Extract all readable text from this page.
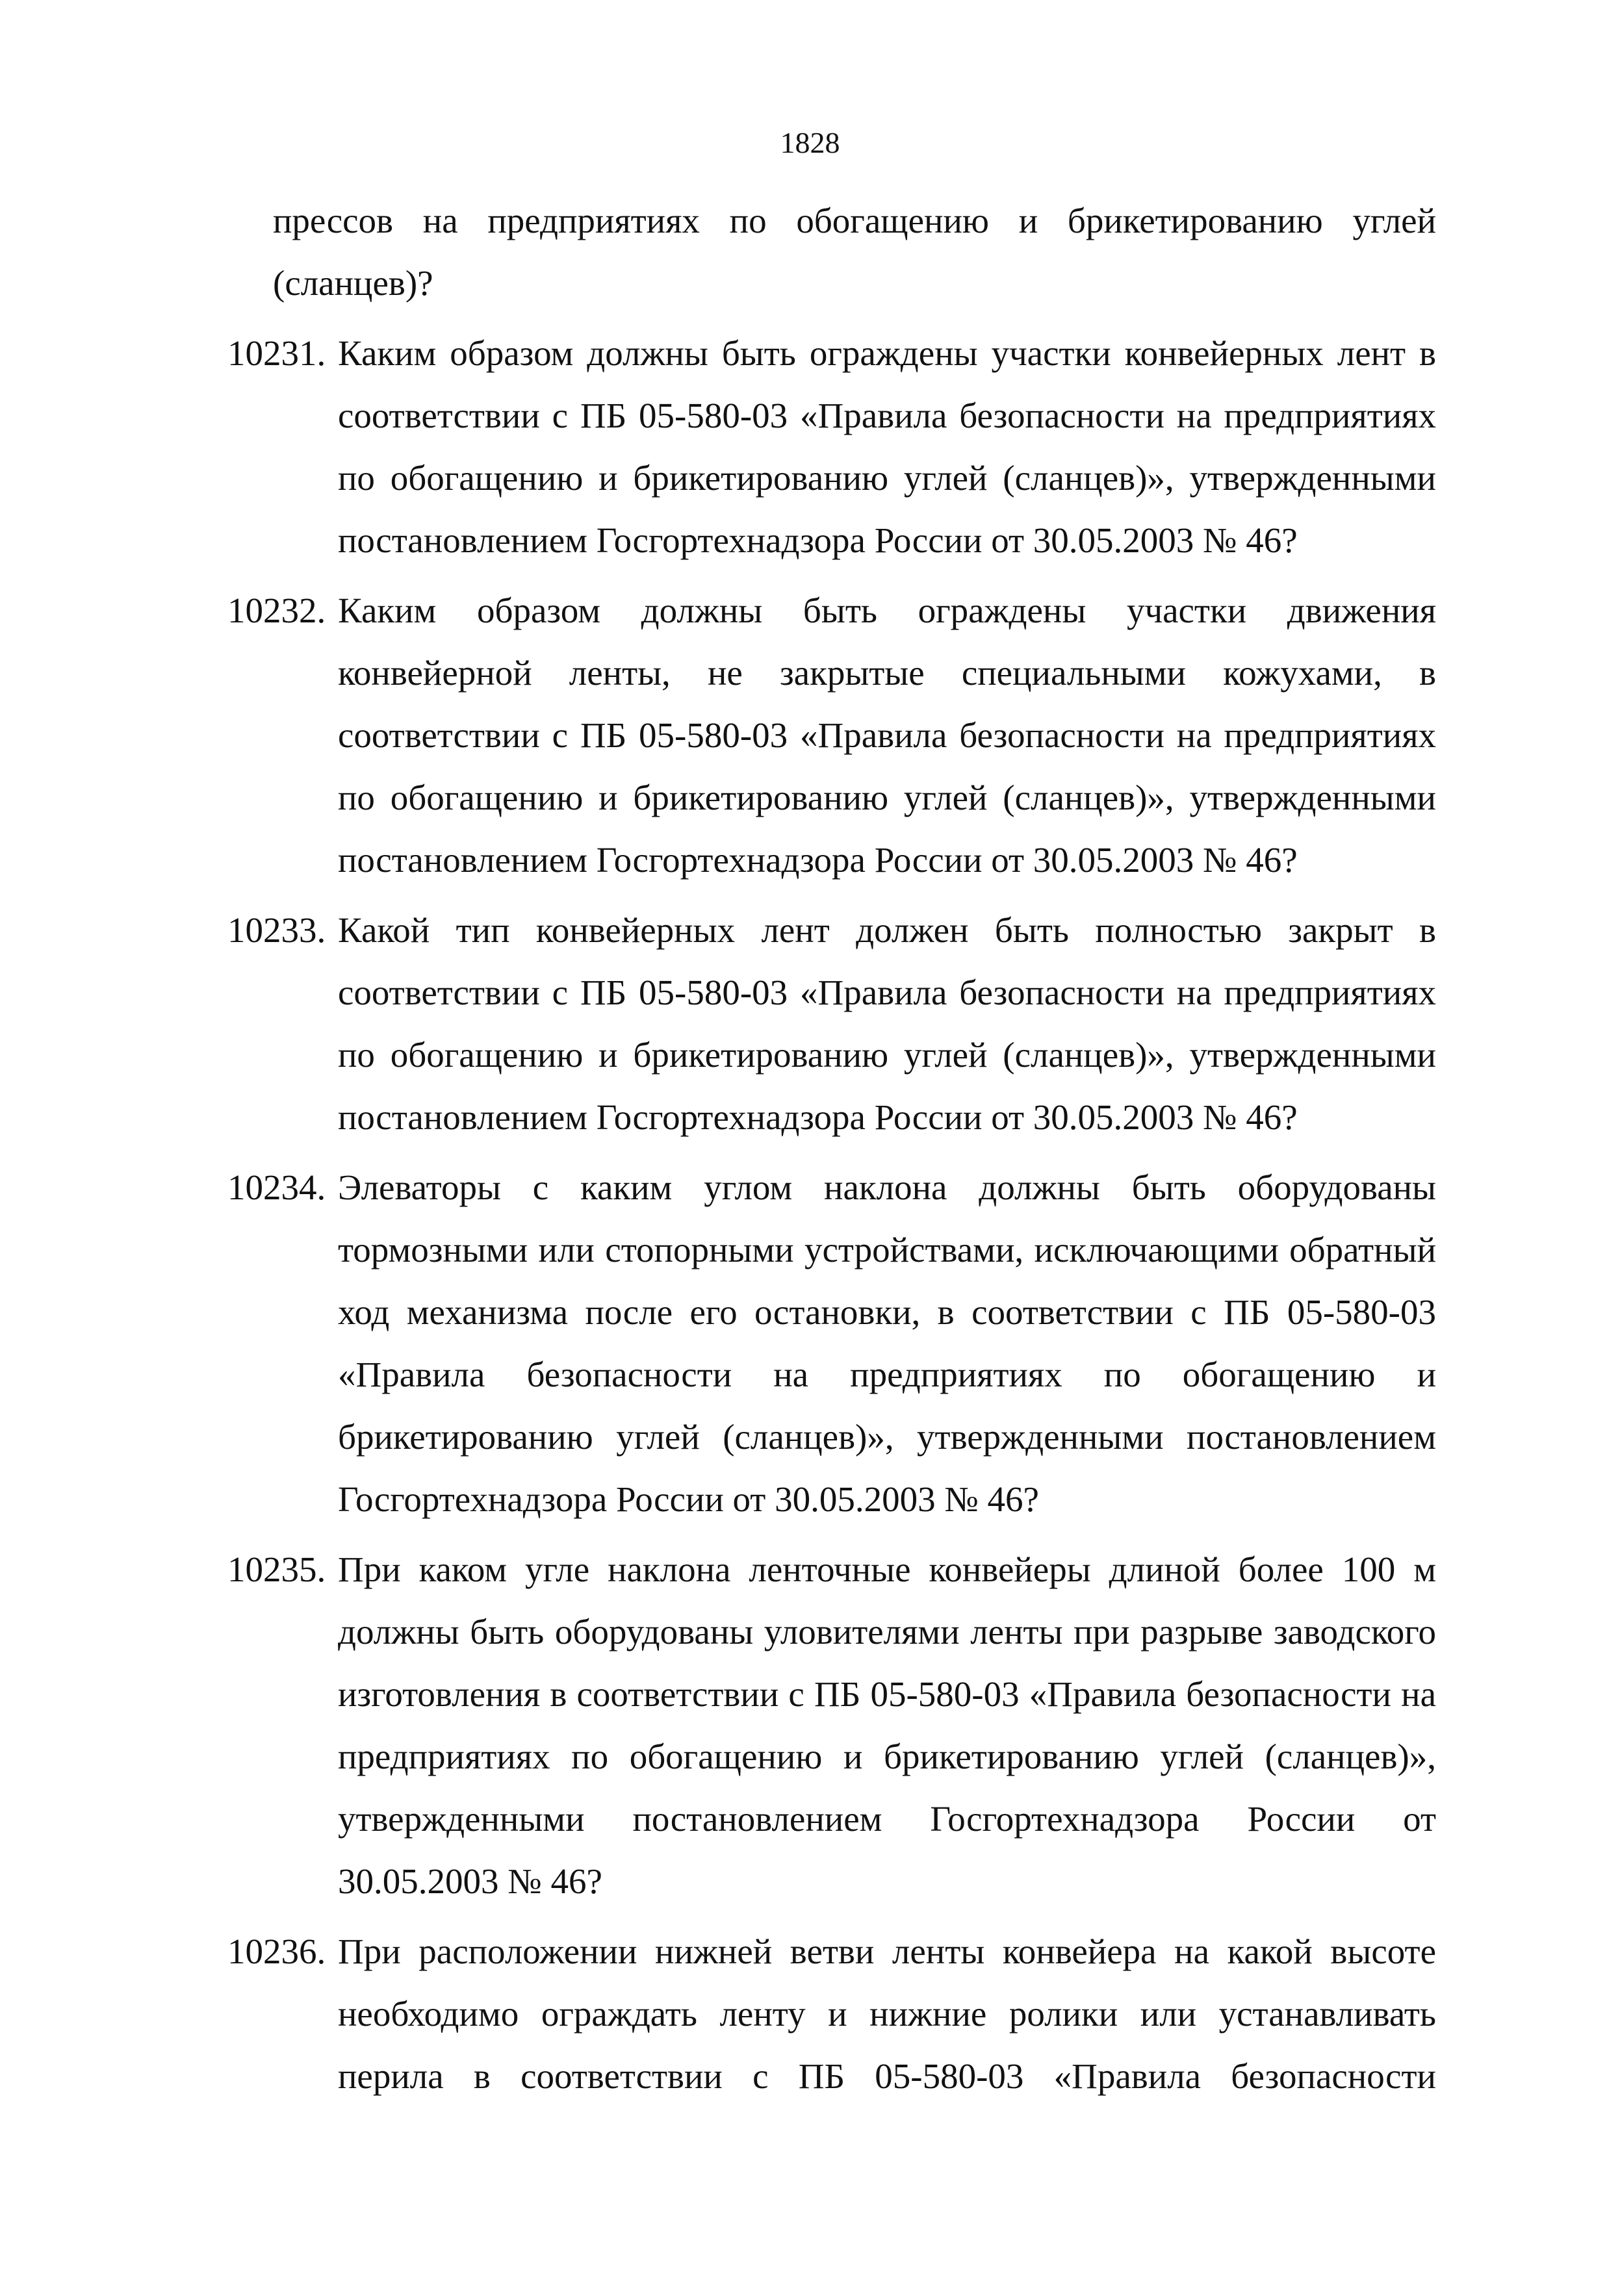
1828
прессов на предприятиях по обогащению и брикетированию углей (сланцев)?
10231. Каким образом должны быть ограждены участки конвейерных лент в соответствии с ПБ 05-580-03 «Правила безопасности на предприятиях по обогащению и брикетированию углей (сланцев)», утвержденными постановлением Госгортехнадзора России от 30.05.2003 № 46?
10232. Каким образом должны быть ограждены участки движения конвейерной ленты, не закрытые специальными кожухами, в соответствии с ПБ 05-580-03 «Правила безопасности на предприятиях по обогащению и брикетированию углей (сланцев)», утвержденными постановлением Госгортехнадзора России от 30.05.2003 № 46?
10233. Какой тип конвейерных лент должен быть полностью закрыт в соответствии с ПБ 05-580-03 «Правила безопасности на предприятиях по обогащению и брикетированию углей (сланцев)», утвержденными постановлением Госгортехнадзора России от 30.05.2003 № 46?
10234. Элеваторы с каким углом наклона должны быть оборудованы тормозными или стопорными устройствами, исключающими обратный ход механизма после его остановки, в соответствии с ПБ 05-580-03 «Правила безопасности на предприятиях по обогащению и брикетированию углей (сланцев)», утвержденными постановлением Госгортехнадзора России от 30.05.2003 № 46?
10235. При каком угле наклона ленточные конвейеры длиной более 100 м должны быть оборудованы уловителями ленты при разрыве заводского изготовления в соответствии с ПБ 05-580-03 «Правила безопасности на предприятиях по обогащению и брикетированию углей (сланцев)», утвержденными постановлением Госгортехнадзора России от 30.05.2003 № 46?
10236. При расположении нижней ветви ленты конвейера на какой высоте необходимо ограждать ленту и нижние ролики или устанавливать перила в соответствии с ПБ 05-580-03 «Правила безопасности
